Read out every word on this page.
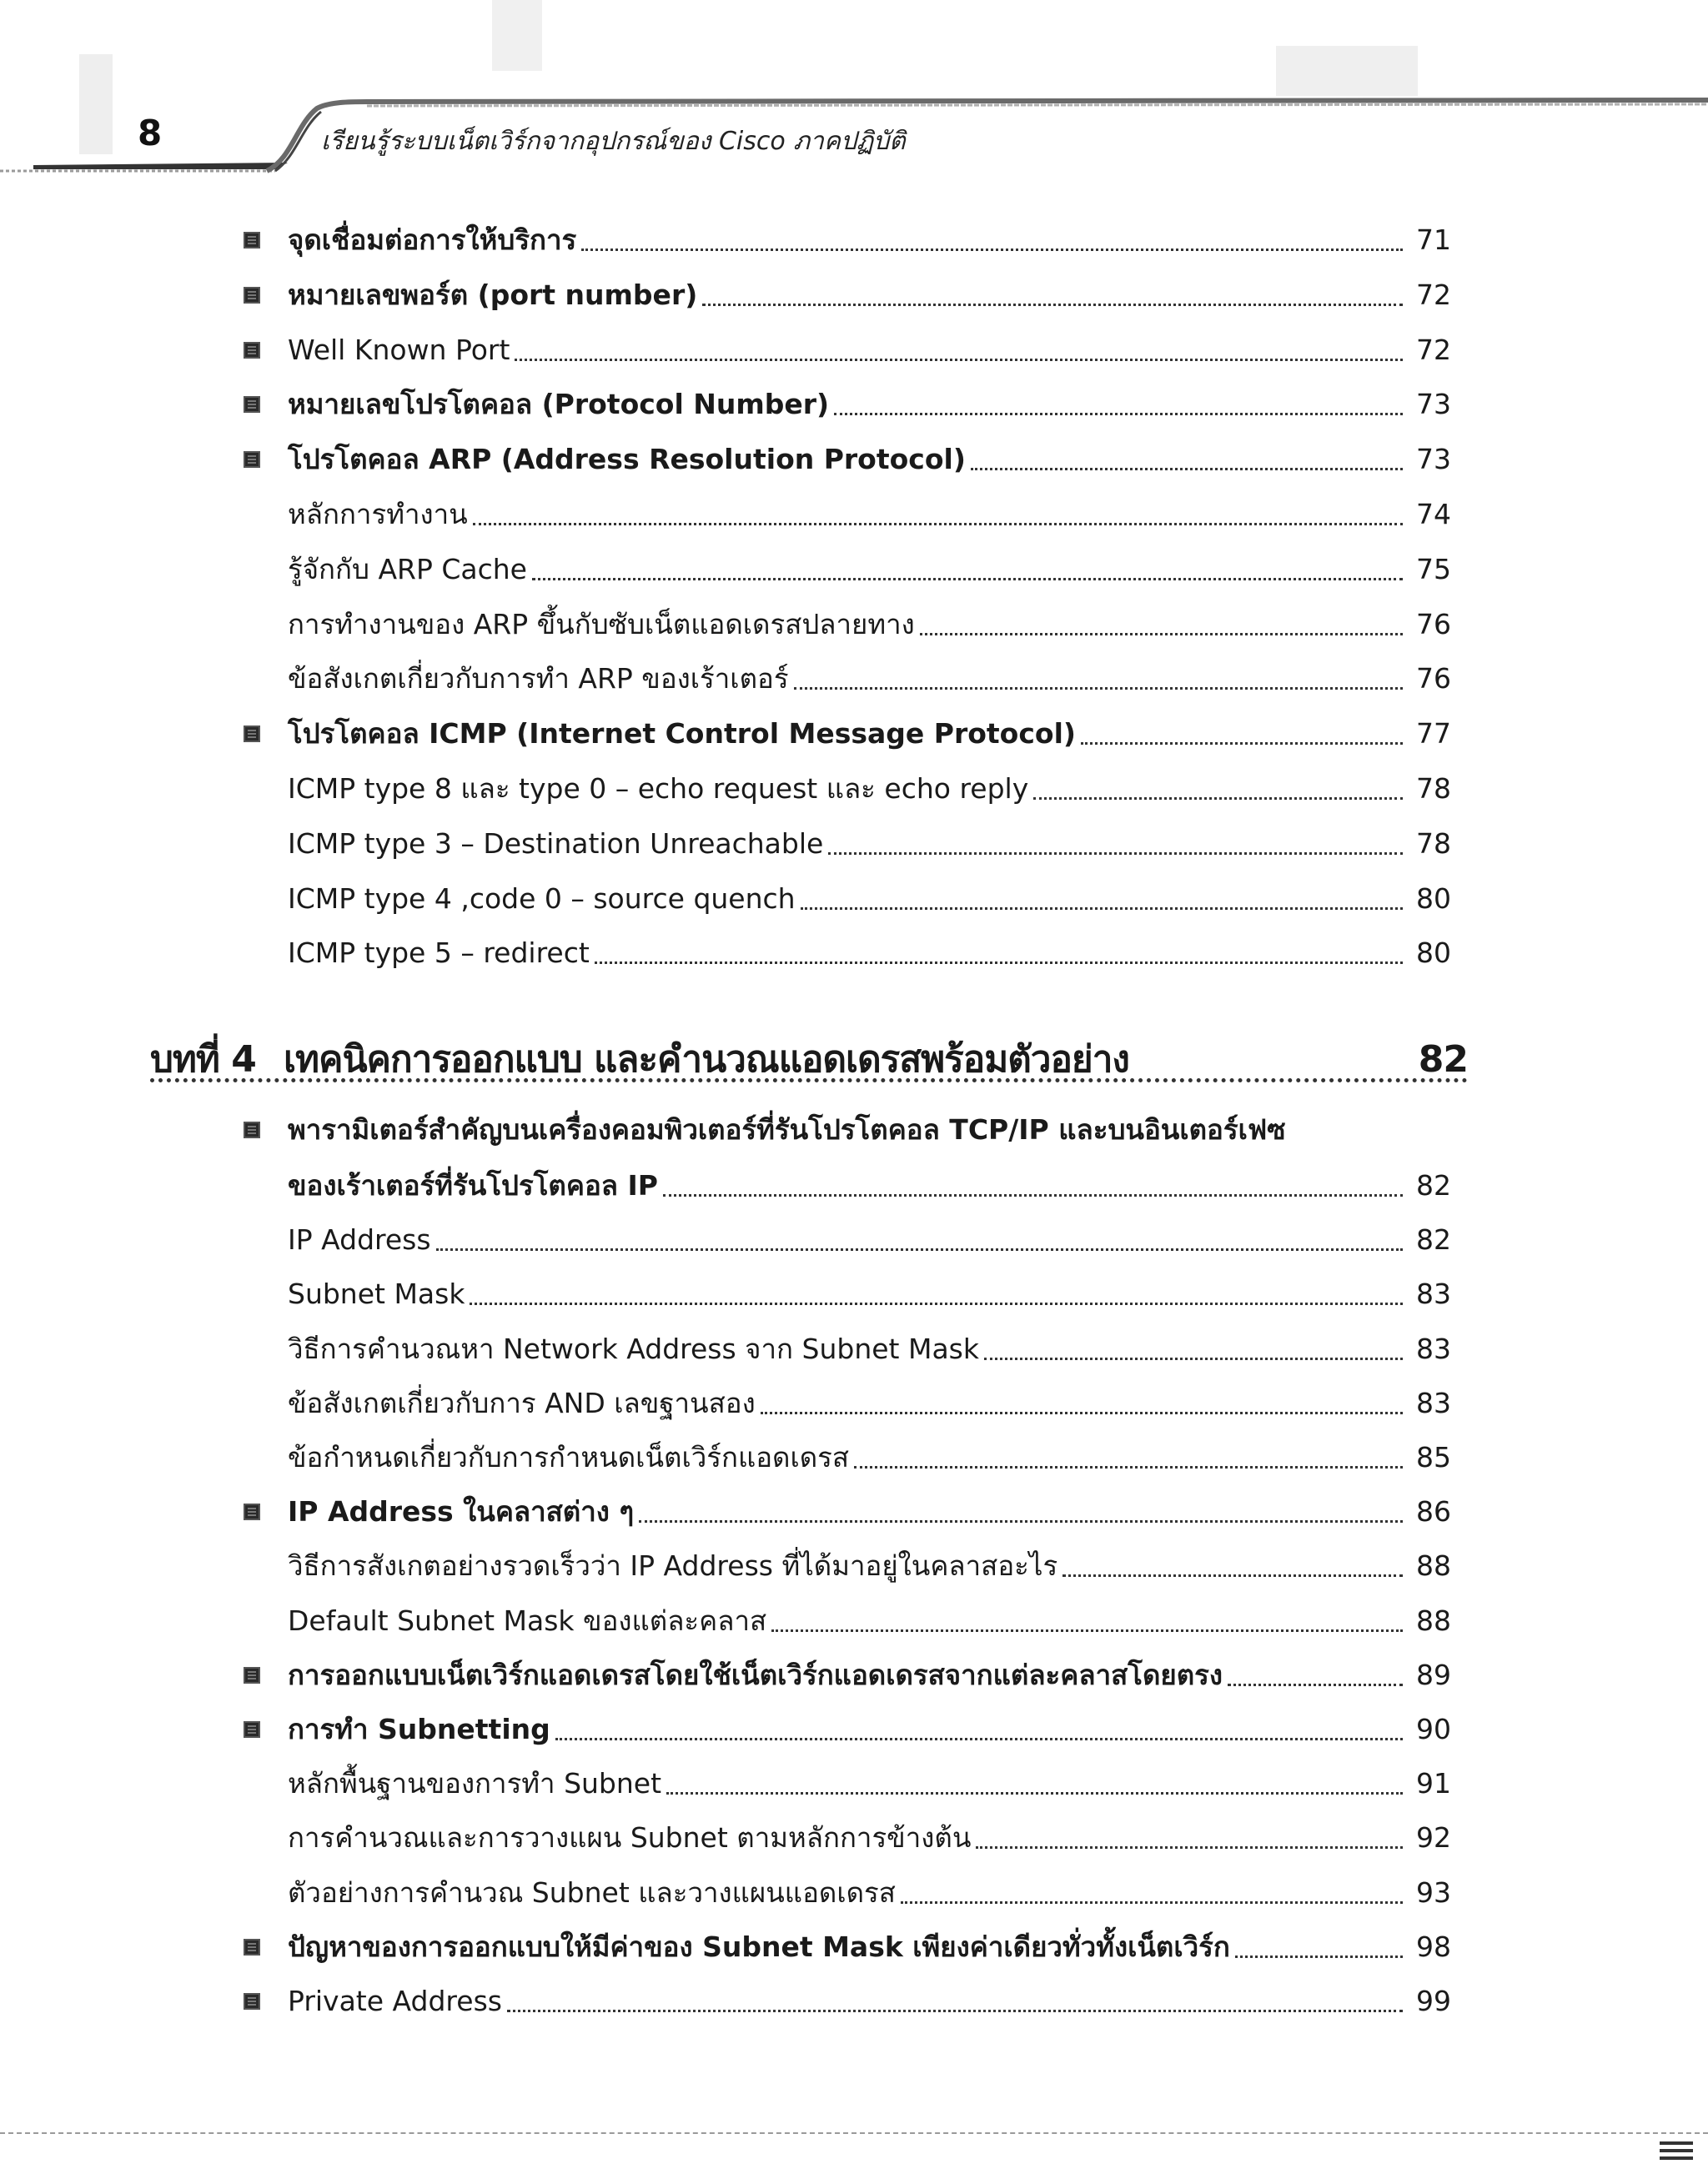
8	เรียนรู้ระบบเน็ตเวิร์กจากอุปกรณ์ของ Cisco ภาคปฏิบัติ
จุดเชื่อมต่อการให้บริการ	71
หมายเลขพอร์ต (port number)	72
Well Known Port	72
หมายเลขโปรโตคอล (Protocol Number)	73
โปรโตคอล ARP (Address Resolution Protocol)	73
หลักการทำงาน	74
รู้จักกับ ARP Cache	75
การทำงานของ ARP ขึ้นกับซับเน็ตแอดเดรสปลายทาง	76
ข้อสังเกตเกี่ยวกับการทำ ARP ของเร้าเตอร์	76
โปรโตคอล ICMP (Internet Control Message Protocol)	77
ICMP type 8 และ type 0 – echo request และ echo reply	78
ICMP type 3 – Destination Unreachable	78
ICMP type 4 ,code 0 – source quench	80
ICMP type 5 – redirect	80
บทที่ 4 เทคนิคการออกแบบ และคำนวณแอดเดรสพร้อมตัวอย่าง	82
พารามิเตอร์สำคัญบนเครื่องคอมพิวเตอร์ที่รันโปรโตคอล TCP/IP และบนอินเตอร์เฟซ
ของเร้าเตอร์ที่รันโปรโตคอล IP	82
IP Address	82
Subnet Mask	83
วิธีการคำนวณหา Network Address จาก Subnet Mask	83
ข้อสังเกตเกี่ยวกับการ AND เลขฐานสอง	83
ข้อกำหนดเกี่ยวกับการกำหนดเน็ตเวิร์กแอดเดรส	85
IP Address ในคลาสต่าง ๆ	86
วิธีการสังเกตอย่างรวดเร็วว่า IP Address ที่ได้มาอยู่ในคลาสอะไร	88
Default Subnet Mask ของแต่ละคลาส	88
การออกแบบเน็ตเวิร์กแอดเดรสโดยใช้เน็ตเวิร์กแอดเดรสจากแต่ละคลาสโดยตรง	89
การทำ Subnetting	90
หลักพื้นฐานของการทำ Subnet	91
การคำนวณและการวางแผน Subnet ตามหลักการข้างต้น	92
ตัวอย่างการคำนวณ Subnet และวางแผนแอดเดรส	93
ปัญหาของการออกแบบให้มีค่าของ Subnet Mask เพียงค่าเดียวทั่วทั้งเน็ตเวิร์ก	98
Private Address	99
